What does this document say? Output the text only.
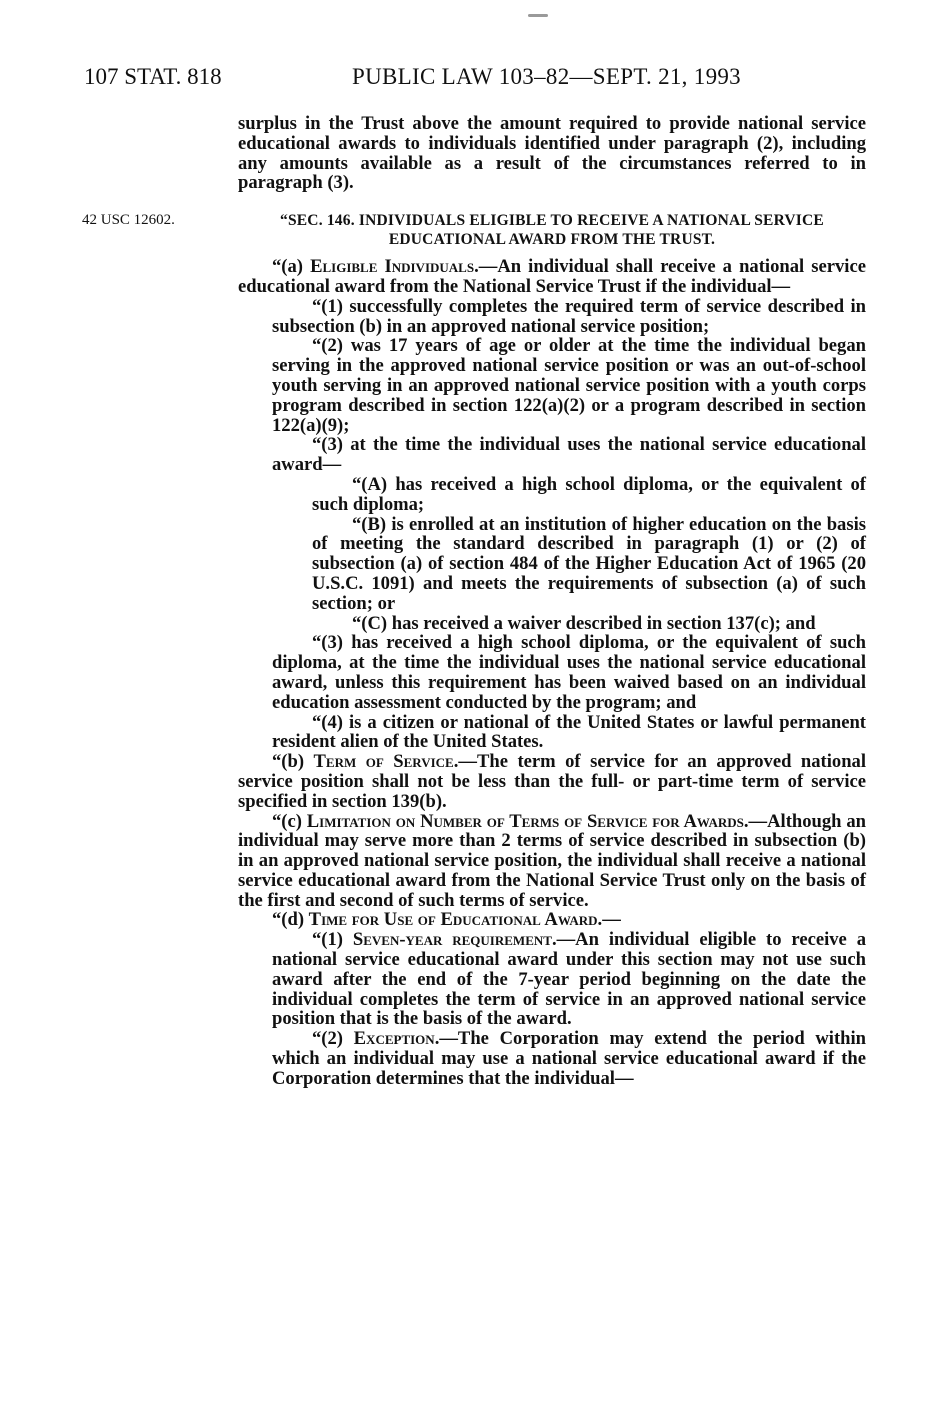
107 STAT. 818	PUBLIC LAW 103–82—SEPT. 21, 1993
42 USC 12602.

surplus in the Trust above the amount required to provide national service educational awards to individuals identified under paragraph (2), including any amounts available as a result of the circumstances referred to in paragraph (3).

“SEC. 146. INDIVIDUALS ELIGIBLE TO RECEIVE A NATIONAL SERVICE EDUCATIONAL AWARD FROM THE TRUST.

“(a) Eligible Individuals.—An individual shall receive a national service educational award from the National Service Trust if the individual—

“(1) successfully completes the required term of service described in subsection (b) in an approved national service position;

“(2) was 17 years of age or older at the time the individual began serving in the approved national service position or was an out-of-school youth serving in an approved national service position with a youth corps program described in section 122(a)(2) or a program described in section 122(a)(9);

“(3) at the time the individual uses the national service educational award—

“(A) has received a high school diploma, or the equivalent of such diploma;

“(B) is enrolled at an institution of higher education on the basis of meeting the standard described in paragraph (1) or (2) of subsection (a) of section 484 of the Higher Education Act of 1965 (20 U.S.C. 1091) and meets the requirements of subsection (a) of such section; or

“(C) has received a waiver described in section 137(c); and

“(3) has received a high school diploma, or the equivalent of such diploma, at the time the individual uses the national service educational award, unless this requirement has been waived based on an individual education assessment conducted by the program; and

“(4) is a citizen or national of the United States or lawful permanent resident alien of the United States.

“(b) Term of Service.—The term of service for an approved national service position shall not be less than the full- or part-time term of service specified in section 139(b).

“(c) Limitation on Number of Terms of Service for Awards.—Although an individual may serve more than 2 terms of service described in subsection (b) in an approved national service position, the individual shall receive a national service educational award from the National Service Trust only on the basis of the first and second of such terms of service.

“(d) Time for Use of Educational Award.—

“(1) Seven-year requirement.—An individual eligible to receive a national service educational award under this section may not use such award after the end of the 7-year period beginning on the date the individual completes the term of service in an approved national service position that is the basis of the award.

“(2) Exception.—The Corporation may extend the period within which an individual may use a national service educational award if the Corporation determines that the individual—
